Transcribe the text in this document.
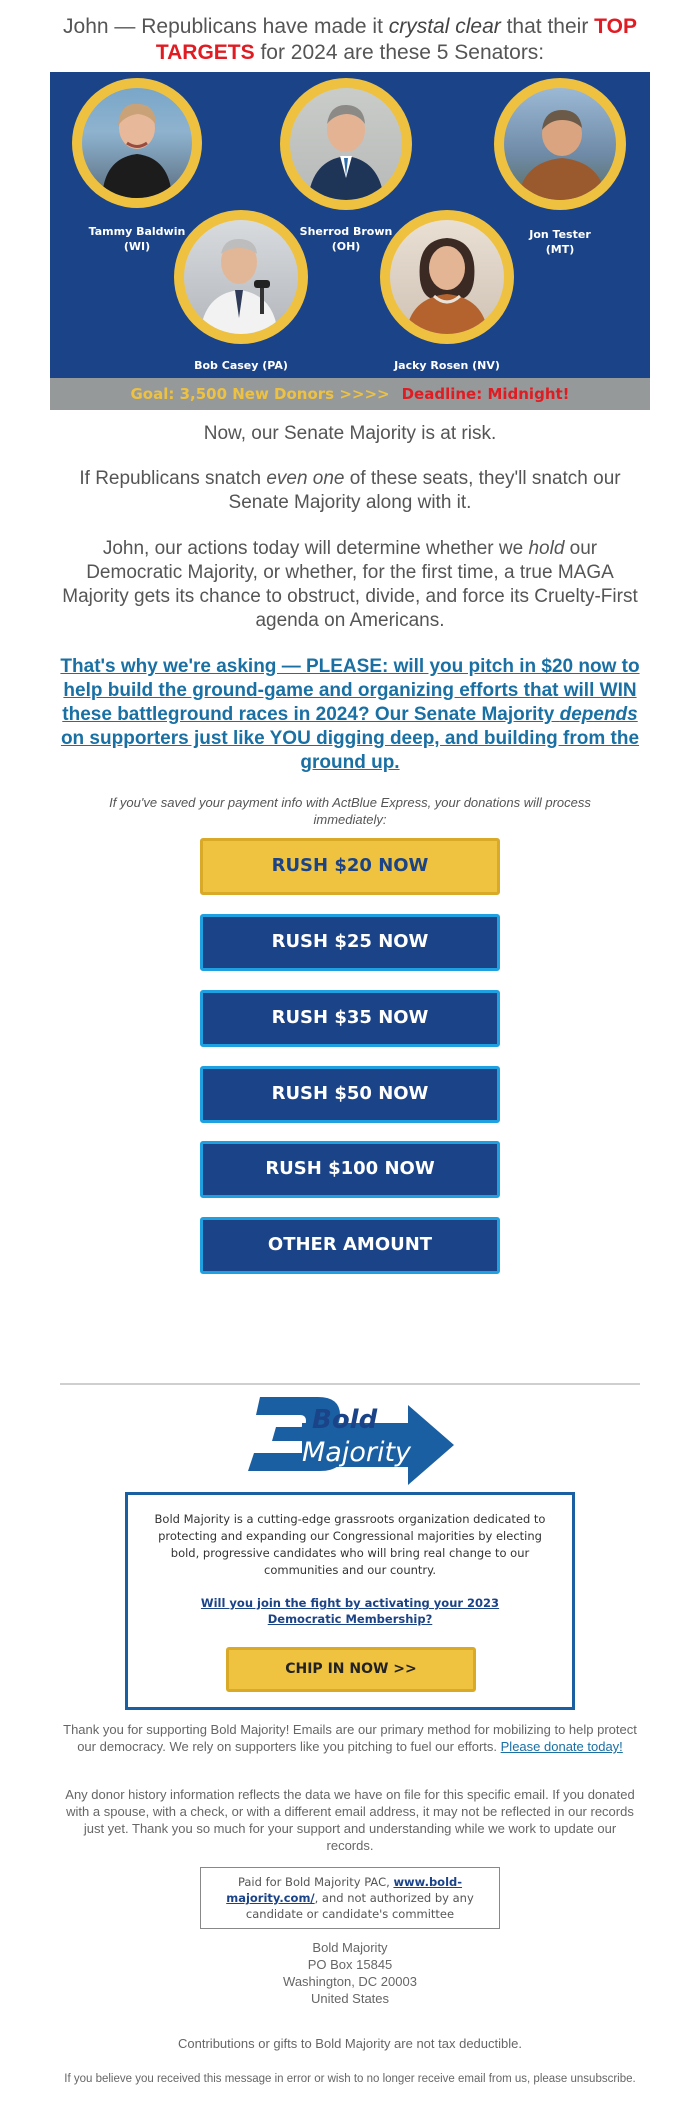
John — Republicans have made it crystal clear that their TOP
TARGETS for 2024 are these 5 Senators:
Tammy Baldwin
(WI)
Sherrod Brown
(OH)
Jon Tester
(MT)
Bob Casey (PA)	Jacky Rosen (NV)
Goal: 3,500 New Donors >>>> Deadline: Midnight!
Now, our Senate Majority is at risk.
If Republicans snatch even one of these seats, they'll snatch our Senate Majority along with it.
John, our actions today will determine whether we hold our Democratic Majority, or whether, for the first time, a true MAGA Majority gets its chance to obstruct, divide, and force its Cruelty-First agenda on Americans.
That's why we're asking — PLEASE: will you pitch in $20 now to help build the ground-game and organizing efforts that will WIN these battleground races in 2024? Our Senate Majority depends on supporters just like YOU digging deep, and building from the ground up.
If you've saved your payment info with ActBlue Express, your donations will process immediately:
RUSH $20 NOW
RUSH $25 NOW
RUSH $35 NOW
RUSH $50 NOW
RUSH $100 NOW
OTHER AMOUNT
Bold
Majority
Bold Majority is a cutting-edge grassroots organization dedicated to protecting and expanding our Congressional majorities by electing bold, progressive candidates who will bring real change to our communities and our country.
Will you join the fight by activating your 2023 Democratic Membership?
CHIP IN NOW >>
Thank you for supporting Bold Majority! Emails are our primary method for mobilizing to help protect our democracy. We rely on supporters like you pitching to fuel our efforts. Please donate today!
Any donor history information reflects the data we have on file for this specific email. If you donated with a spouse, with a check, or with a different email address, it may not be reflected in our records just yet. Thank you so much for your support and understanding while we work to update our records.
Paid for Bold Majority PAC, www.bold-majority.com/, and not authorized by any candidate or candidate's committee
Bold Majority
PO Box 15845
Washington, DC 20003
United States
Contributions or gifts to Bold Majority are not tax deductible.
If you believe you received this message in error or wish to no longer receive email from us, please unsubscribe.
